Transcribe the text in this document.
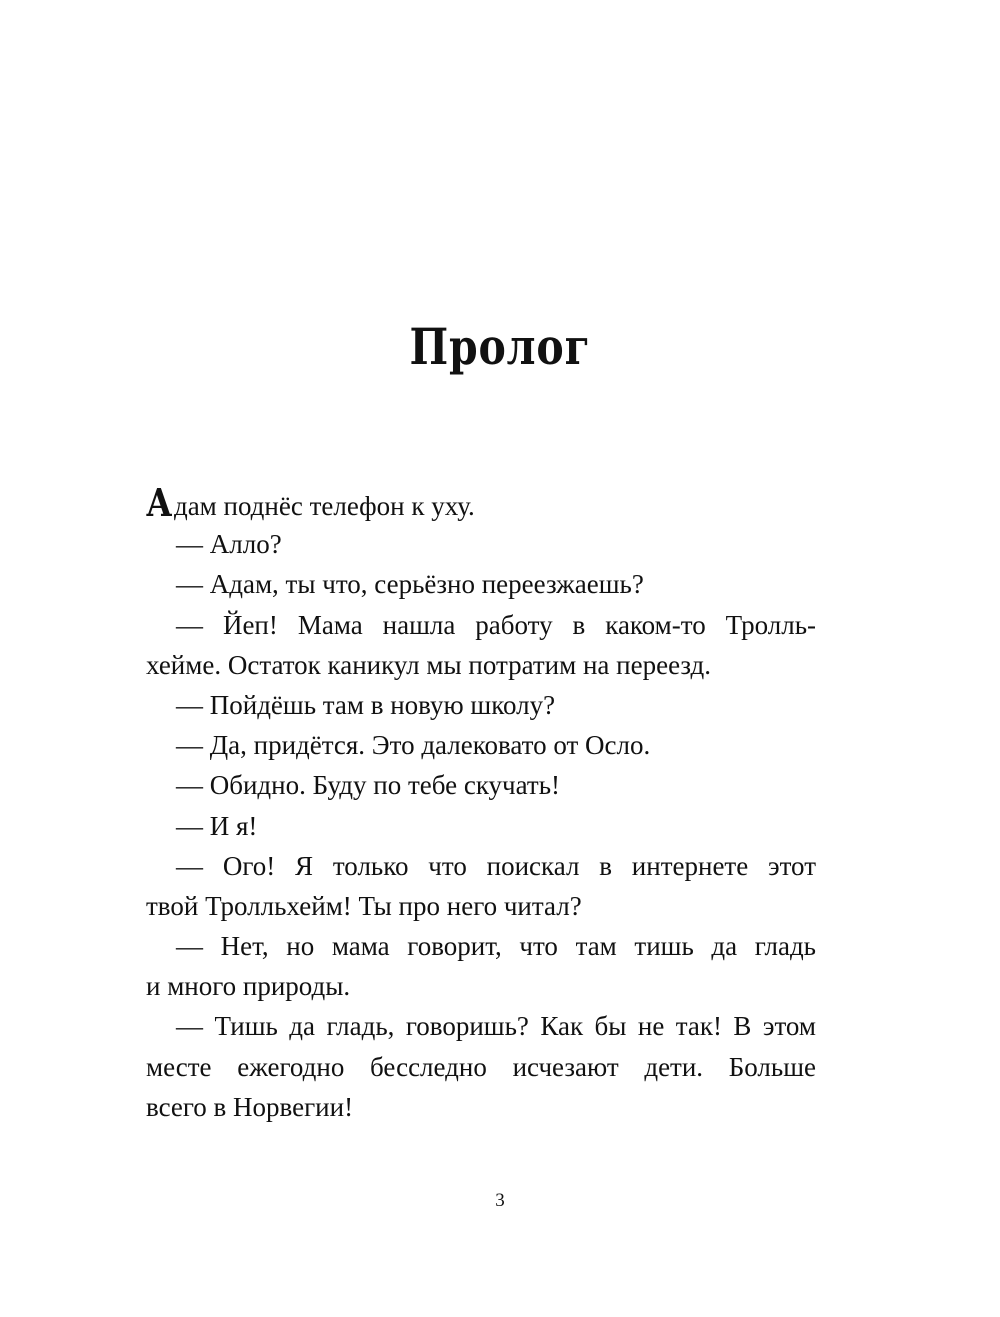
Пролог
Адам поднёс телефон к уху.
— Алло?
— Адам, ты что, серьёзно переезжаешь?
— Йеп! Мама нашла работу в каком-то Тролль-
хейме. Остаток каникул мы потратим на переезд.
— Пойдёшь там в новую школу?
— Да, придётся. Это далековато от Осло.
— Обидно. Буду по тебе скучать!
— И я!
— Ого! Я только что поискал в интернете этот
твой Тролльхейм! Ты про него читал?
— Нет, но мама говорит, что там тишь да гладь
и много природы.
— Тишь да гладь, говоришь? Как бы не так! В этом
месте ежегодно бесследно исчезают дети. Больше
всего в Норвегии!
3
